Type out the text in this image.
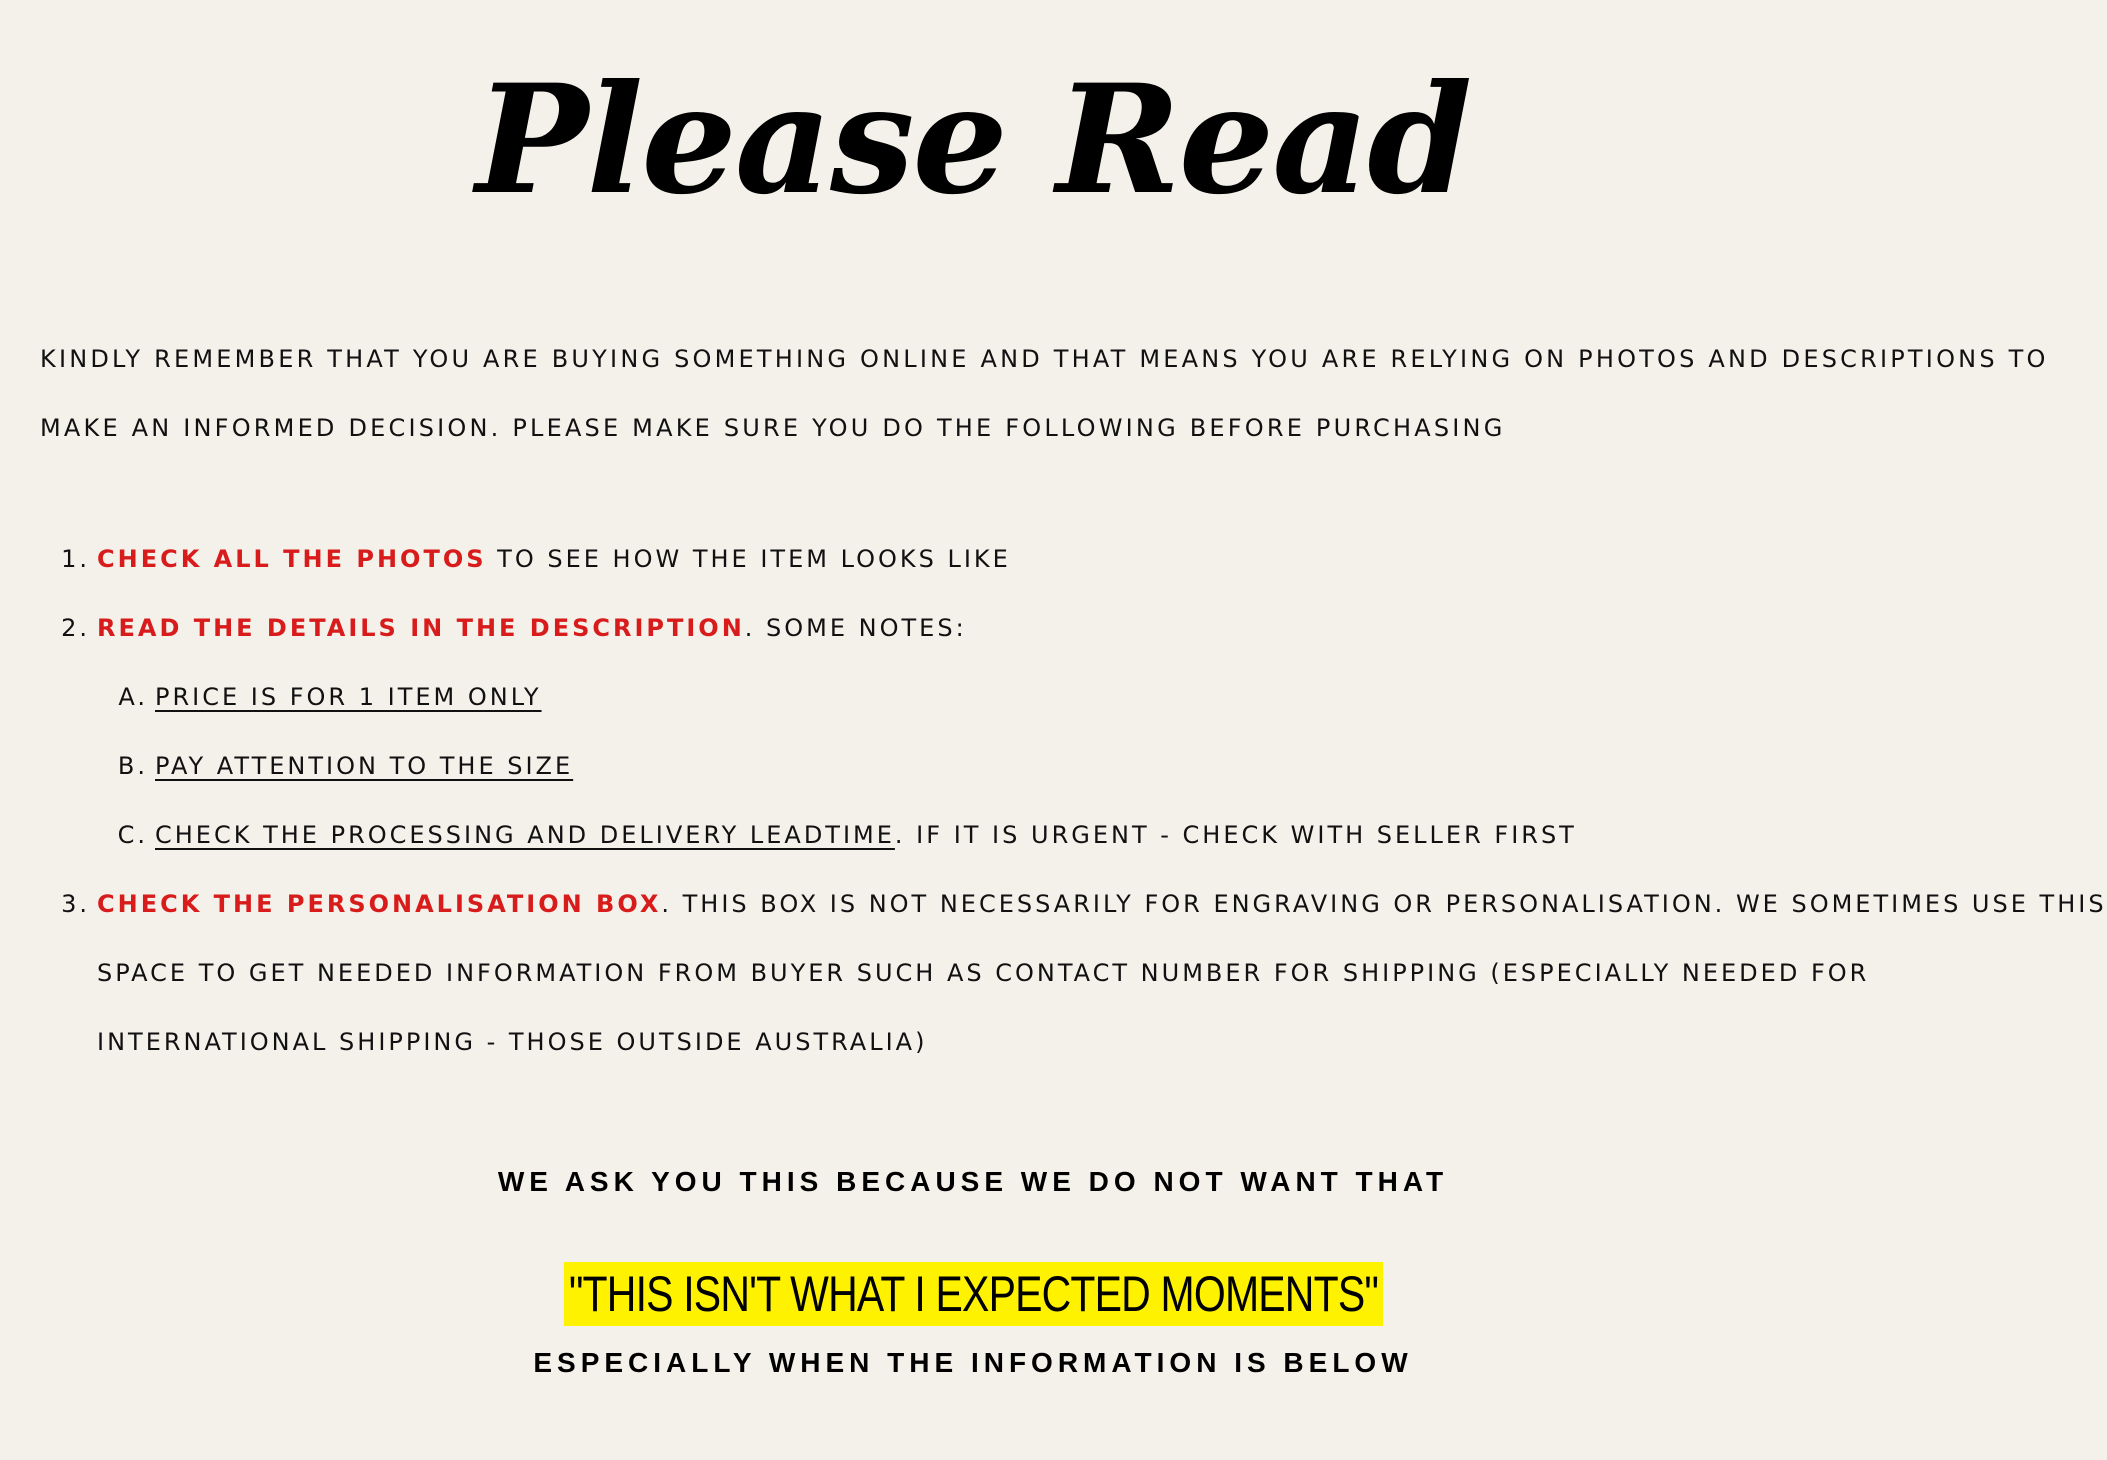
Please Read

KINDLY REMEMBER THAT YOU ARE BUYING SOMETHING ONLINE AND THAT MEANS YOU ARE RELYING ON PHOTOS AND DESCRIPTIONS TO
MAKE AN INFORMED DECISION. PLEASE MAKE SURE YOU DO THE FOLLOWING BEFORE PURCHASING

1. CHECK ALL THE PHOTOS TO SEE HOW THE ITEM LOOKS LIKE
2. READ THE DETAILS IN THE DESCRIPTION. SOME NOTES:
A. PRICE IS FOR 1 ITEM ONLY
B. PAY ATTENTION TO THE SIZE
C. CHECK THE PROCESSING AND DELIVERY LEADTIME. IF IT IS URGENT - CHECK WITH SELLER FIRST
3. CHECK THE PERSONALISATION BOX. THIS BOX IS NOT NECESSARILY FOR ENGRAVING OR PERSONALISATION. WE SOMETIMES USE THIS
SPACE TO GET NEEDED INFORMATION FROM BUYER SUCH AS CONTACT NUMBER FOR SHIPPING (ESPECIALLY NEEDED FOR
INTERNATIONAL SHIPPING - THOSE OUTSIDE AUSTRALIA)
WE ASK YOU THIS BECAUSE WE DO NOT WANT THAT
"THIS ISN'T WHAT I EXPECTED MOMENTS"
ESPECIALLY WHEN THE INFORMATION IS BELOW
